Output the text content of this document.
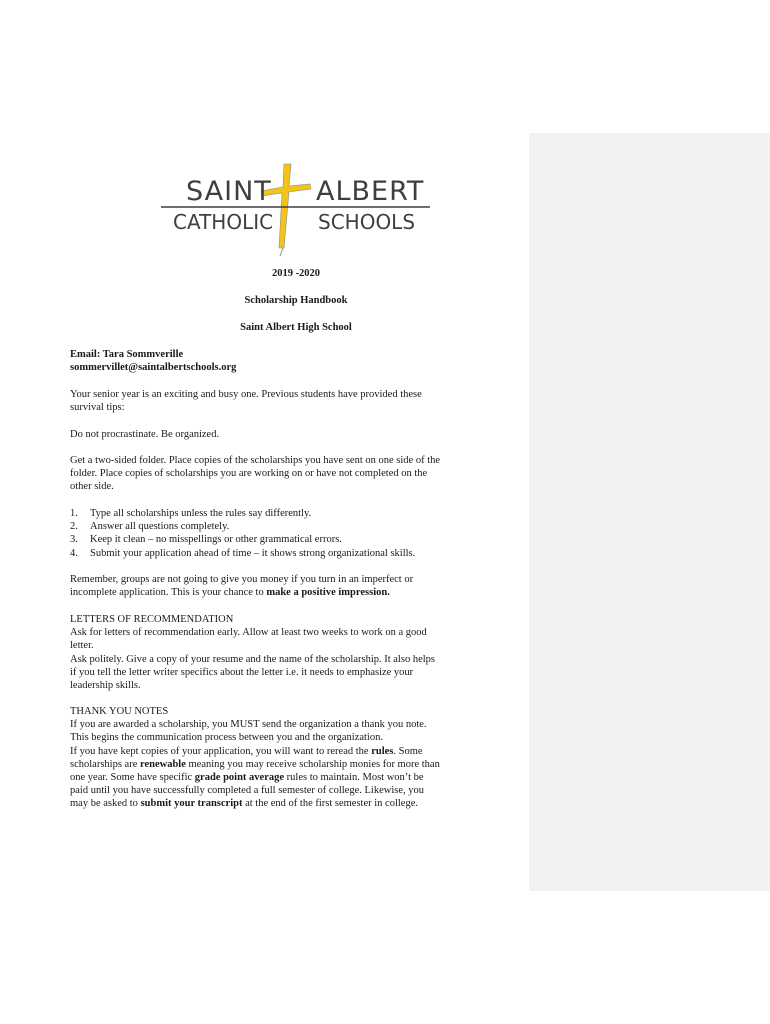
SAINT ALBERT
CATHOLIC SCHOOLS
2019 -2020
Scholarship Handbook
Saint Albert High School

Email: Tara Sommverille

sommervillet@saintalbertschools.org

Your senior year is an exciting and busy one. Previous students have provided these

survival tips:

Do not procrastinate. Be organized.

Get a two-sided folder. Place copies of the scholarships you have sent on one side of the

folder. Place copies of scholarships you are working on or have not completed on the

other side.

1. Type all scholarships unless the rules say differently.
2. Answer all questions completely.
3. Keep it clean – no misspellings or other grammatical errors.
4. Submit your application ahead of time – it shows strong organizational skills.

Remember, groups are not going to give you money if you turn in an imperfect or

incomplete application. This is your chance to make a positive impression.

LETTERS OF RECOMMENDATION

Ask for letters of recommendation early. Allow at least two weeks to work on a good

letter.

Ask politely. Give a copy of your resume and the name of the scholarship. It also helps

if you tell the letter writer specifics about the letter i.e. it needs to emphasize your

leadership skills.

THANK YOU NOTES

If you are awarded a scholarship, you MUST send the organization a thank you note.

This begins the communication process between you and the organization.

If you have kept copies of your application, you will want to reread the rules. Some

scholarships are renewable meaning you may receive scholarship monies for more than

one year. Some have specific grade point average rules to maintain. Most won’t be

paid until you have successfully completed a full semester of college. Likewise, you

may be asked to submit your transcript at the end of the first semester in college.
